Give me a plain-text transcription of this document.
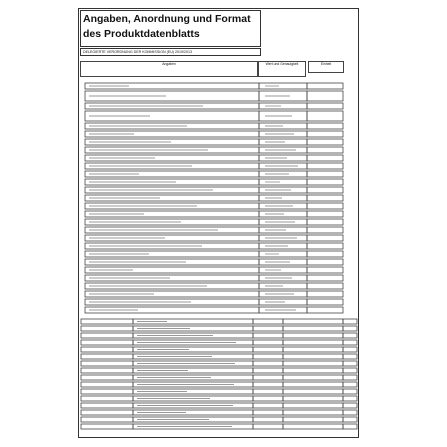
Angaben, Anordnung und Format des Produktdatenblatts
DELEGIERTE VERORDNUNG DER KOMMISSION (EU) 2019/2013
Angaben	Wert und Genauigkeit	Einheit
